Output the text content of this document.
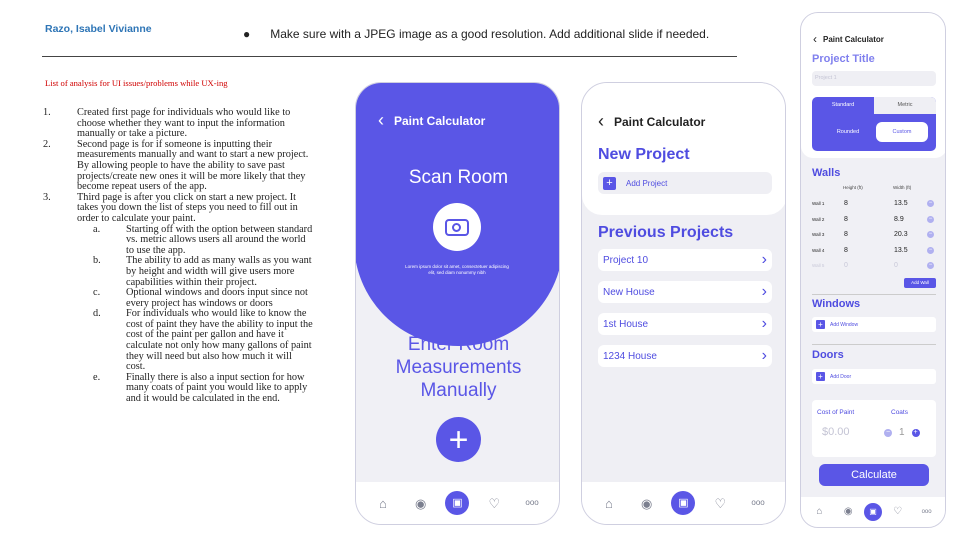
Razo, Isabel Vivianne	● Make sure with a JPEG image as a good resolution. Add additional slide if needed.
List of analysis for UI issues/problems while UX-ing
1.	Created first page for individuals who would like to choose whether they want to input the information manually or take a picture.
2.	Second page is for if someone is inputting their measurements manually and want to start a new project. By allowing people to have the ability to save past projects/create new ones it will be more likely that they become repeat users of the app.
3.	Third page is after you click on start a new project. It takes you down the list of steps you need to fill out in order to calculate your paint.
a.	Starting off with the option between standard vs. metric allows users all around the world to use the app.
b.	The ability to add as many walls as you want by height and width will give users more capabilities within their project.
c.	Optional windows and doors input since not every project has windows or doors
d.	For individuals who would like to know the cost of paint they have the ability to input the cost of the paint per gallon and have it calculate not only how many gallons of paint they will need but also how much it will cost.
e.	Finally there is also a input section for how many coats of paint you would like to apply and it would be calculated in the end.
‹ Paint Calculator
Scan Room
Lorem ipsum dolor sit amet, consectetuer adipiscing elit, sed diam nonummy nibh
Enter Room Measurements Manually
+
⌂	◉	▣	♡	ooo
‹ Paint Calculator
New Project
+	Add Project
Previous Projects
Project 10	›
New House	›
1st House	›
1234 House	›
⌂	◉	▣	♡	ooo
‹ Paint Calculator
Project Title
Project 1
Standard	Metric
Rounded	Custom
Walls
Height (ft)	Width (ft)
Wall 1	8	13.5	−
Wall 2	8	8.9	−
Wall 3	8	20.3	−
Wall 4	8	13.5	−
Wall 5	0	0	−
Add Wall
Windows
+	Add Window
Doors
+	Add Door
Cost of Paint
$0.00
Coats
− 1 +
Calculate
⌂	◉	▣	♡	ooo
